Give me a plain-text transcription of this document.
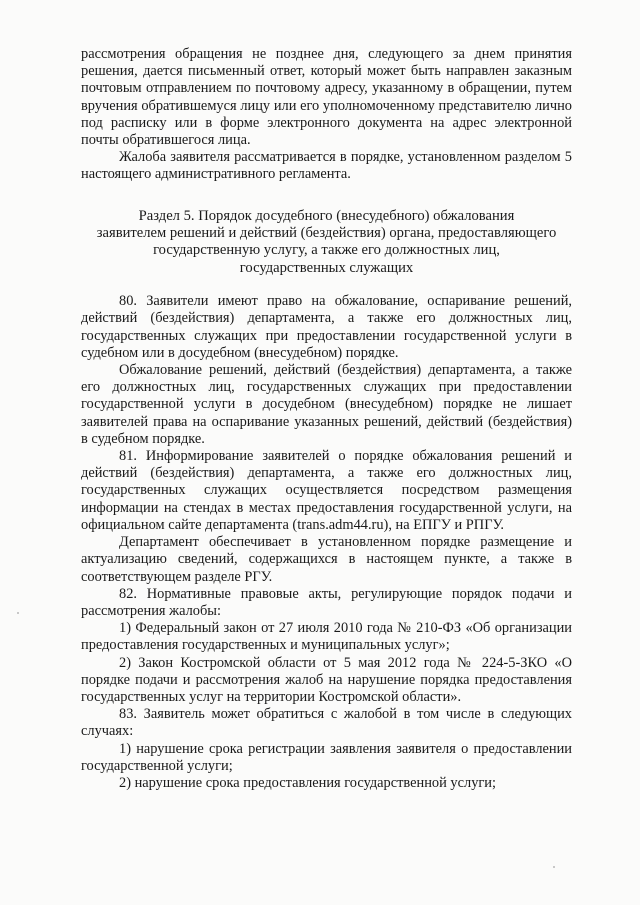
рассмотрения обращения не позднее дня, следующего за днем принятия решения, дается письменный ответ, который может быть направлен заказным почтовым отправлением по почтовому адресу, указанному в обращении, путем вручения обратившемуся лицу или его уполномоченному представителю лично под расписку или в форме электронного документа на адрес электронной почты обратившегося лица.

Жалоба заявителя рассматривается в порядке, установленном разделом 5 настоящего административного регламента.

Раздел 5. Порядок досудебного (внесудебного) обжалования
заявителем решений и действий (бездействия) органа, предоставляющего
государственную услугу, а также его должностных лиц,
государственных служащих

80. Заявители имеют право на обжалование, оспаривание решений, действий (бездействия) департамента, а также его должностных лиц, государственных служащих при предоставлении государственной услуги в судебном или в досудебном (внесудебном) порядке.

Обжалование решений, действий (бездействия) департамента, а также его должностных лиц, государственных служащих при предоставлении государственной услуги в досудебном (внесудебном) порядке не лишает заявителей права на оспаривание указанных решений, действий (бездействия) в судебном порядке.

81. Информирование заявителей о порядке обжалования решений и действий (бездействия) департамента, а также его должностных лиц, государственных служащих осуществляется посредством размещения информации на стендах в местах предоставления государственной услуги, на официальном сайте департамента (trans.adm44.ru), на ЕПГУ и РПГУ.

Департамент обеспечивает в установленном порядке размещение и актуализацию сведений, содержащихся в настоящем пункте, а также в соответствующем разделе РГУ.

82. Нормативные правовые акты, регулирующие порядок подачи и рассмотрения жалобы:

1) Федеральный закон от 27 июля 2010 года № 210-ФЗ «Об организации предоставления государственных и муниципальных услуг»;

2) Закон Костромской области от 5 мая 2012 года № 224-5-ЗКО «О порядке подачи и рассмотрения жалоб на нарушение порядка предоставления государственных услуг на территории Костромской области».

83. Заявитель может обратиться с жалобой в том числе в следующих случаях:

1) нарушение срока регистрации заявления заявителя о предоставлении государственной услуги;

2) нарушение срока предоставления государственной услуги;
